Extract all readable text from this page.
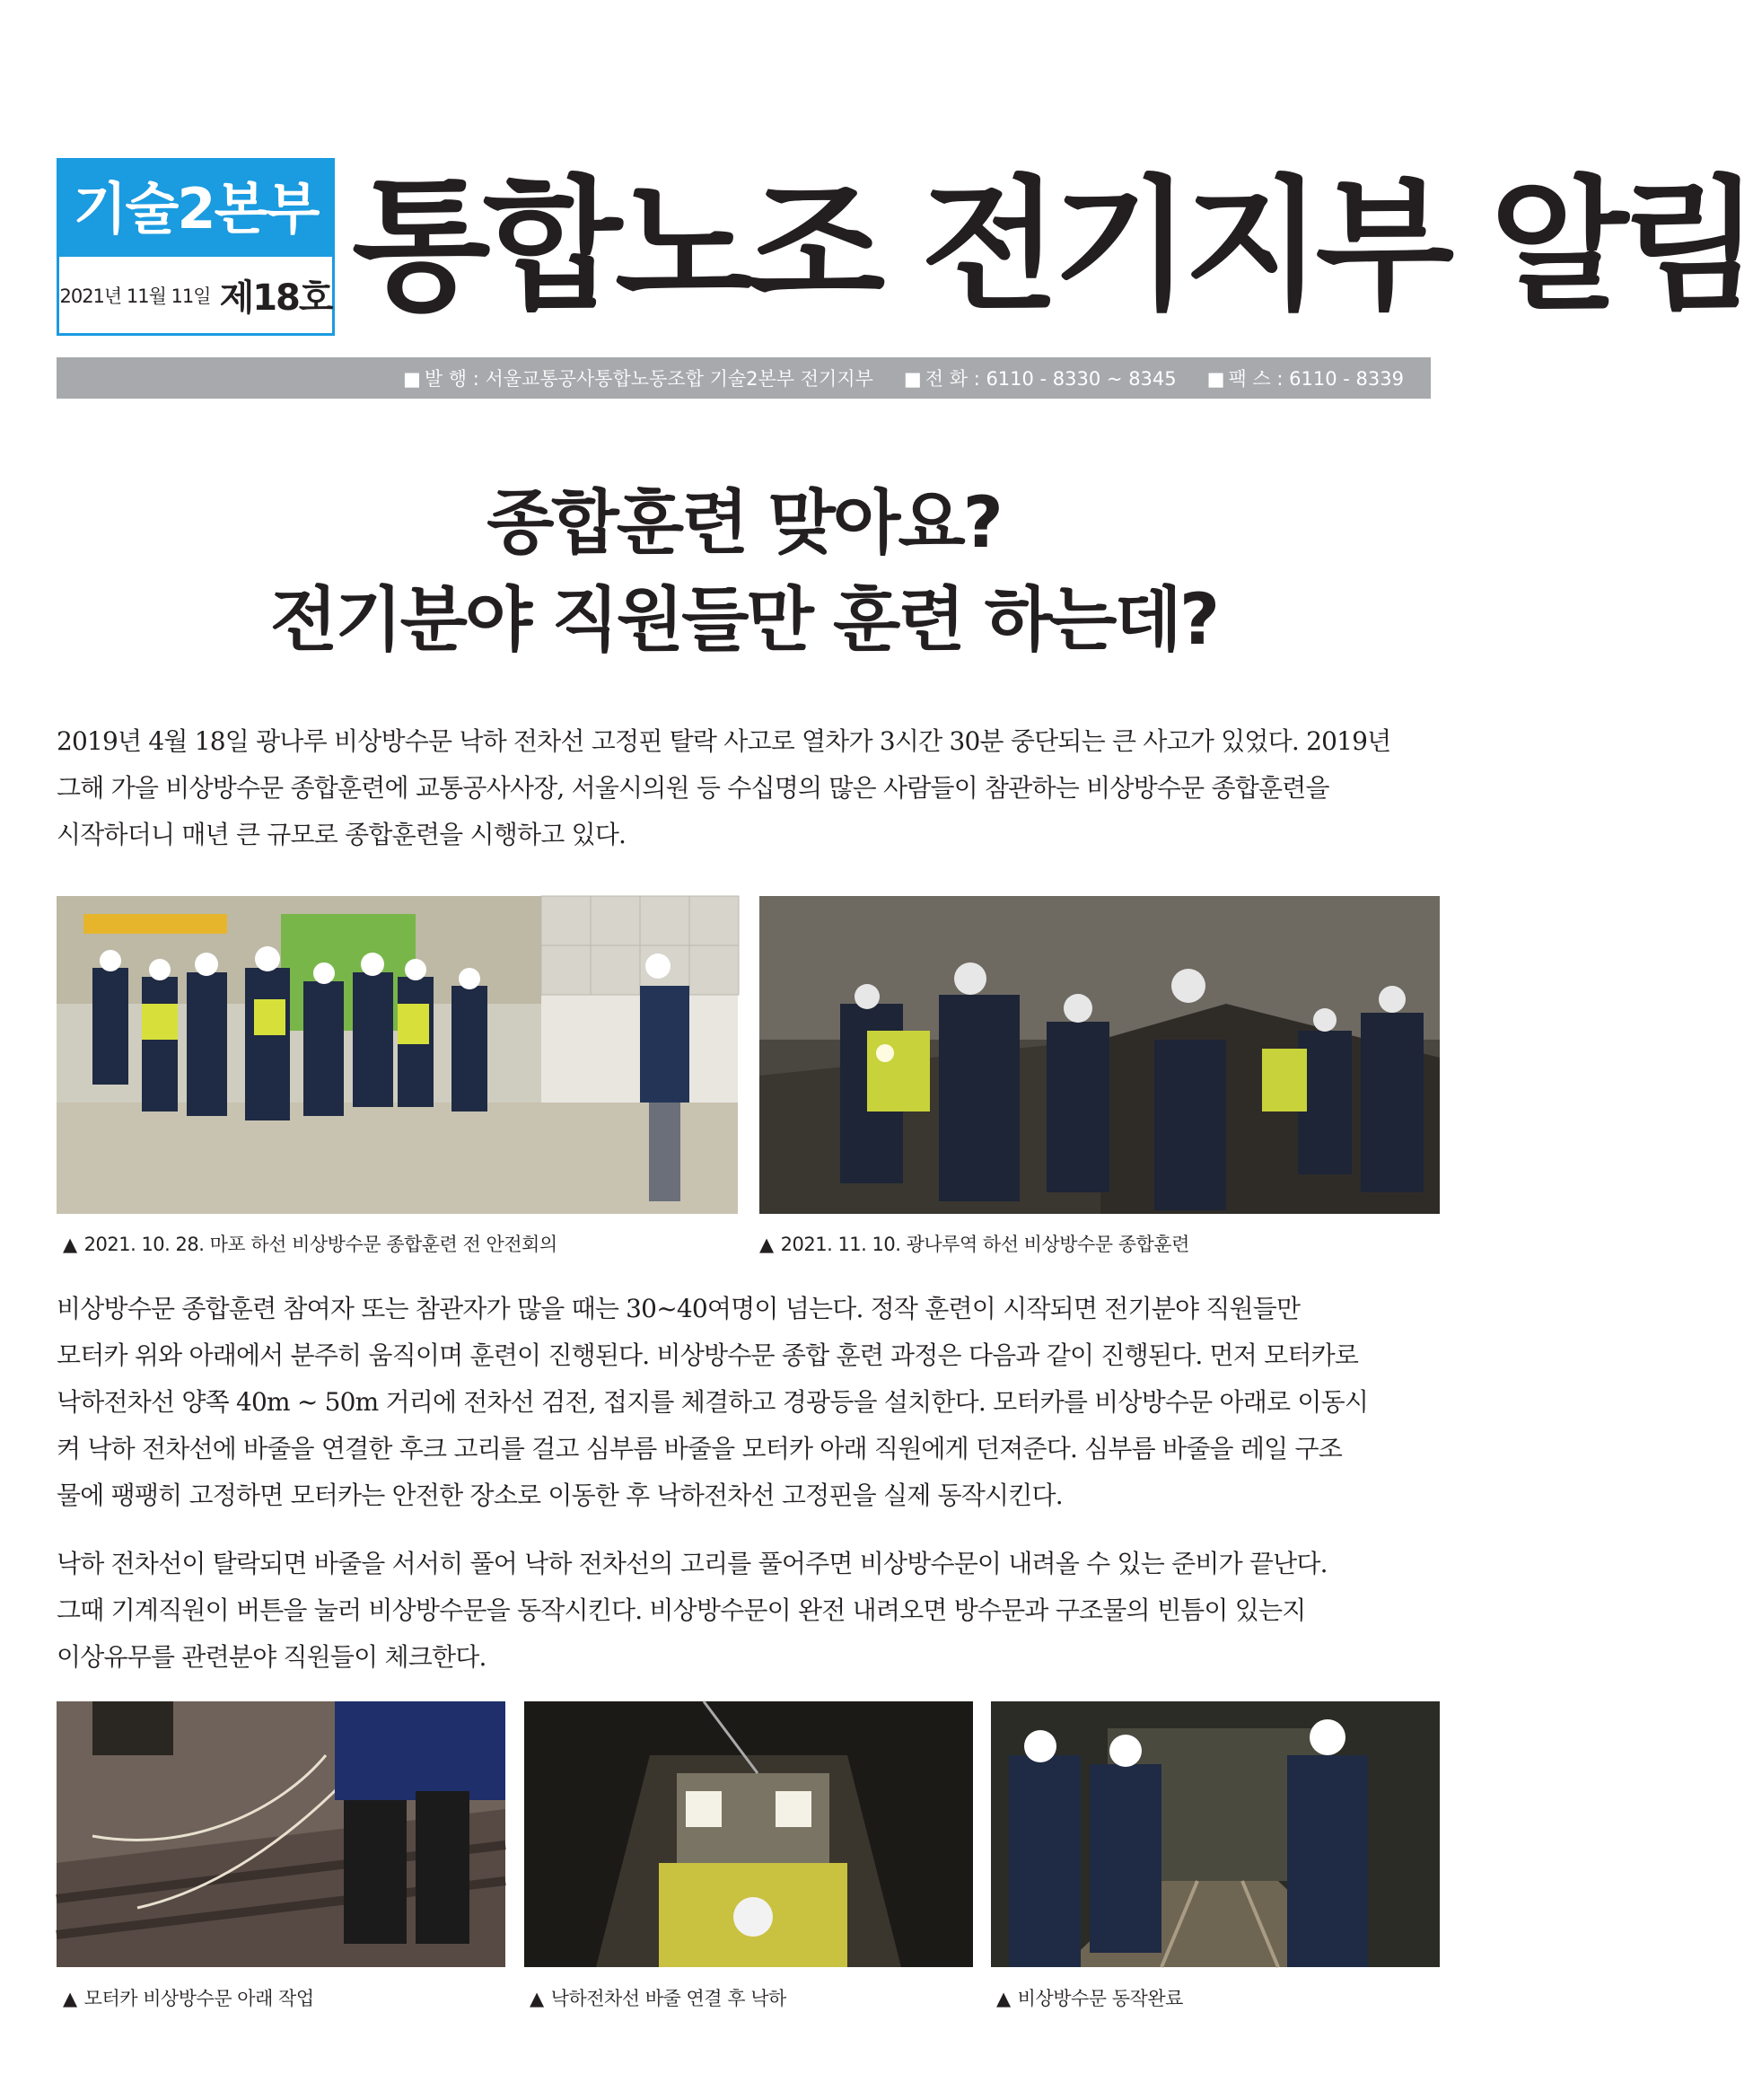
기술2본부
2021년 11월 11일 제18호 통합노조 전기지부 알림
■ 발 행 : 서울교통공사통합노동조합 기술2본부 전기지부	■ 전 화 : 6110 - 8330 ~ 8345	■ 팩 스 : 6110 - 8339
종합훈련 맞아요?
전기분야 직원들만 훈련 하는데?
2019년 4월 18일 광나루 비상방수문 낙하 전차선 고정핀 탈락 사고로 열차가 3시간 30분 중단되는 큰 사고가 있었다. 2019년
그해 가을 비상방수문 종합훈련에 교통공사사장, 서울시의원 등 수십명의 많은 사람들이 참관하는 비상방수문 종합훈련을
시작하더니 매년 큰 규모로 종합훈련을 시행하고 있다.
▲ 2021. 10. 28. 마포 하선 비상방수문 종합훈련 전 안전회의	▲ 2021. 11. 10. 광나루역 하선 비상방수문 종합훈련
비상방수문 종합훈련 참여자 또는 참관자가 많을 때는 30~40여명이 넘는다. 정작 훈련이 시작되면 전기분야 직원들만
모터카 위와 아래에서 분주히 움직이며 훈련이 진행된다. 비상방수문 종합 훈련 과정은 다음과 같이 진행된다. 먼저 모터카로
낙하전차선 양쪽 40m ~ 50m 거리에 전차선 검전, 접지를 체결하고 경광등을 설치한다. 모터카를 비상방수문 아래로 이동시
켜 낙하 전차선에 바줄을 연결한 후크 고리를 걸고 심부름 바줄을 모터카 아래 직원에게 던져준다. 심부름 바줄을 레일 구조
물에 팽팽히 고정하면 모터카는 안전한 장소로 이동한 후 낙하전차선 고정핀을 실제 동작시킨다.
낙하 전차선이 탈락되면 바줄을 서서히 풀어 낙하 전차선의 고리를 풀어주면 비상방수문이 내려올 수 있는 준비가 끝난다.
그때 기계직원이 버튼을 눌러 비상방수문을 동작시킨다. 비상방수문이 완전 내려오면 방수문과 구조물의 빈틈이 있는지
이상유무를 관련분야 직원들이 체크한다.
▲ 모터카 비상방수문 아래 작업	▲ 낙하전차선 바줄 연결 후 낙하	▲ 비상방수문 동작완료
